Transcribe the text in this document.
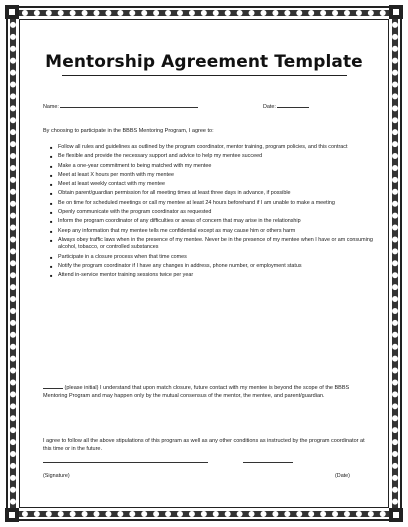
Mentorship Agreement Template
Name:	Date:
By choosing to participate in the BBBS Mentoring Program, I agree to:
■ Follow all rules and guidelines as outlined by the program coordinator, mentor training, program policies, and this contract
■ Be flexible and provide the necessary support and advice to help my mentee succeed
■ Make a one-year commitment to being matched with my mentee
■ Meet at least X hours per month with my mentee
■ Meet at least weekly contact with my mentee
■ Obtain parent/guardian permission for all meeting times at least three days in advance, if possible
■ Be on time for scheduled meetings or call my mentee at least 24 hours beforehand if I am unable to make a meeting
■ Openly communicate with the program coordinator as requested
■ Inform the program coordinator of any difficulties or areas of concern that may arise in the relationship
■ Keep any information that my mentee tells me confidential except as may cause him or others harm
■ Always obey traffic laws when in the presence of my mentee. Never be in the presence of my mentee when I have or am consuming alcohol, tobacco, or controlled substances
■ Participate in a closure process when that time comes
■ Notify the program coordinator if I have any changes in address, phone number, or employment status
■ Attend in-service mentor training sessions twice per year
(please initial) I understand that upon match closure, future contact with my mentee is beyond the scope of the BBBS Mentoring Program and may happen only by the mutual consensus of the mentor, the mentee, and parent/guardian.
I agree to follow all the above stipulations of this program as well as any other conditions as instructed by the program coordinator at this time or in the future.
(Signature)	(Date)
